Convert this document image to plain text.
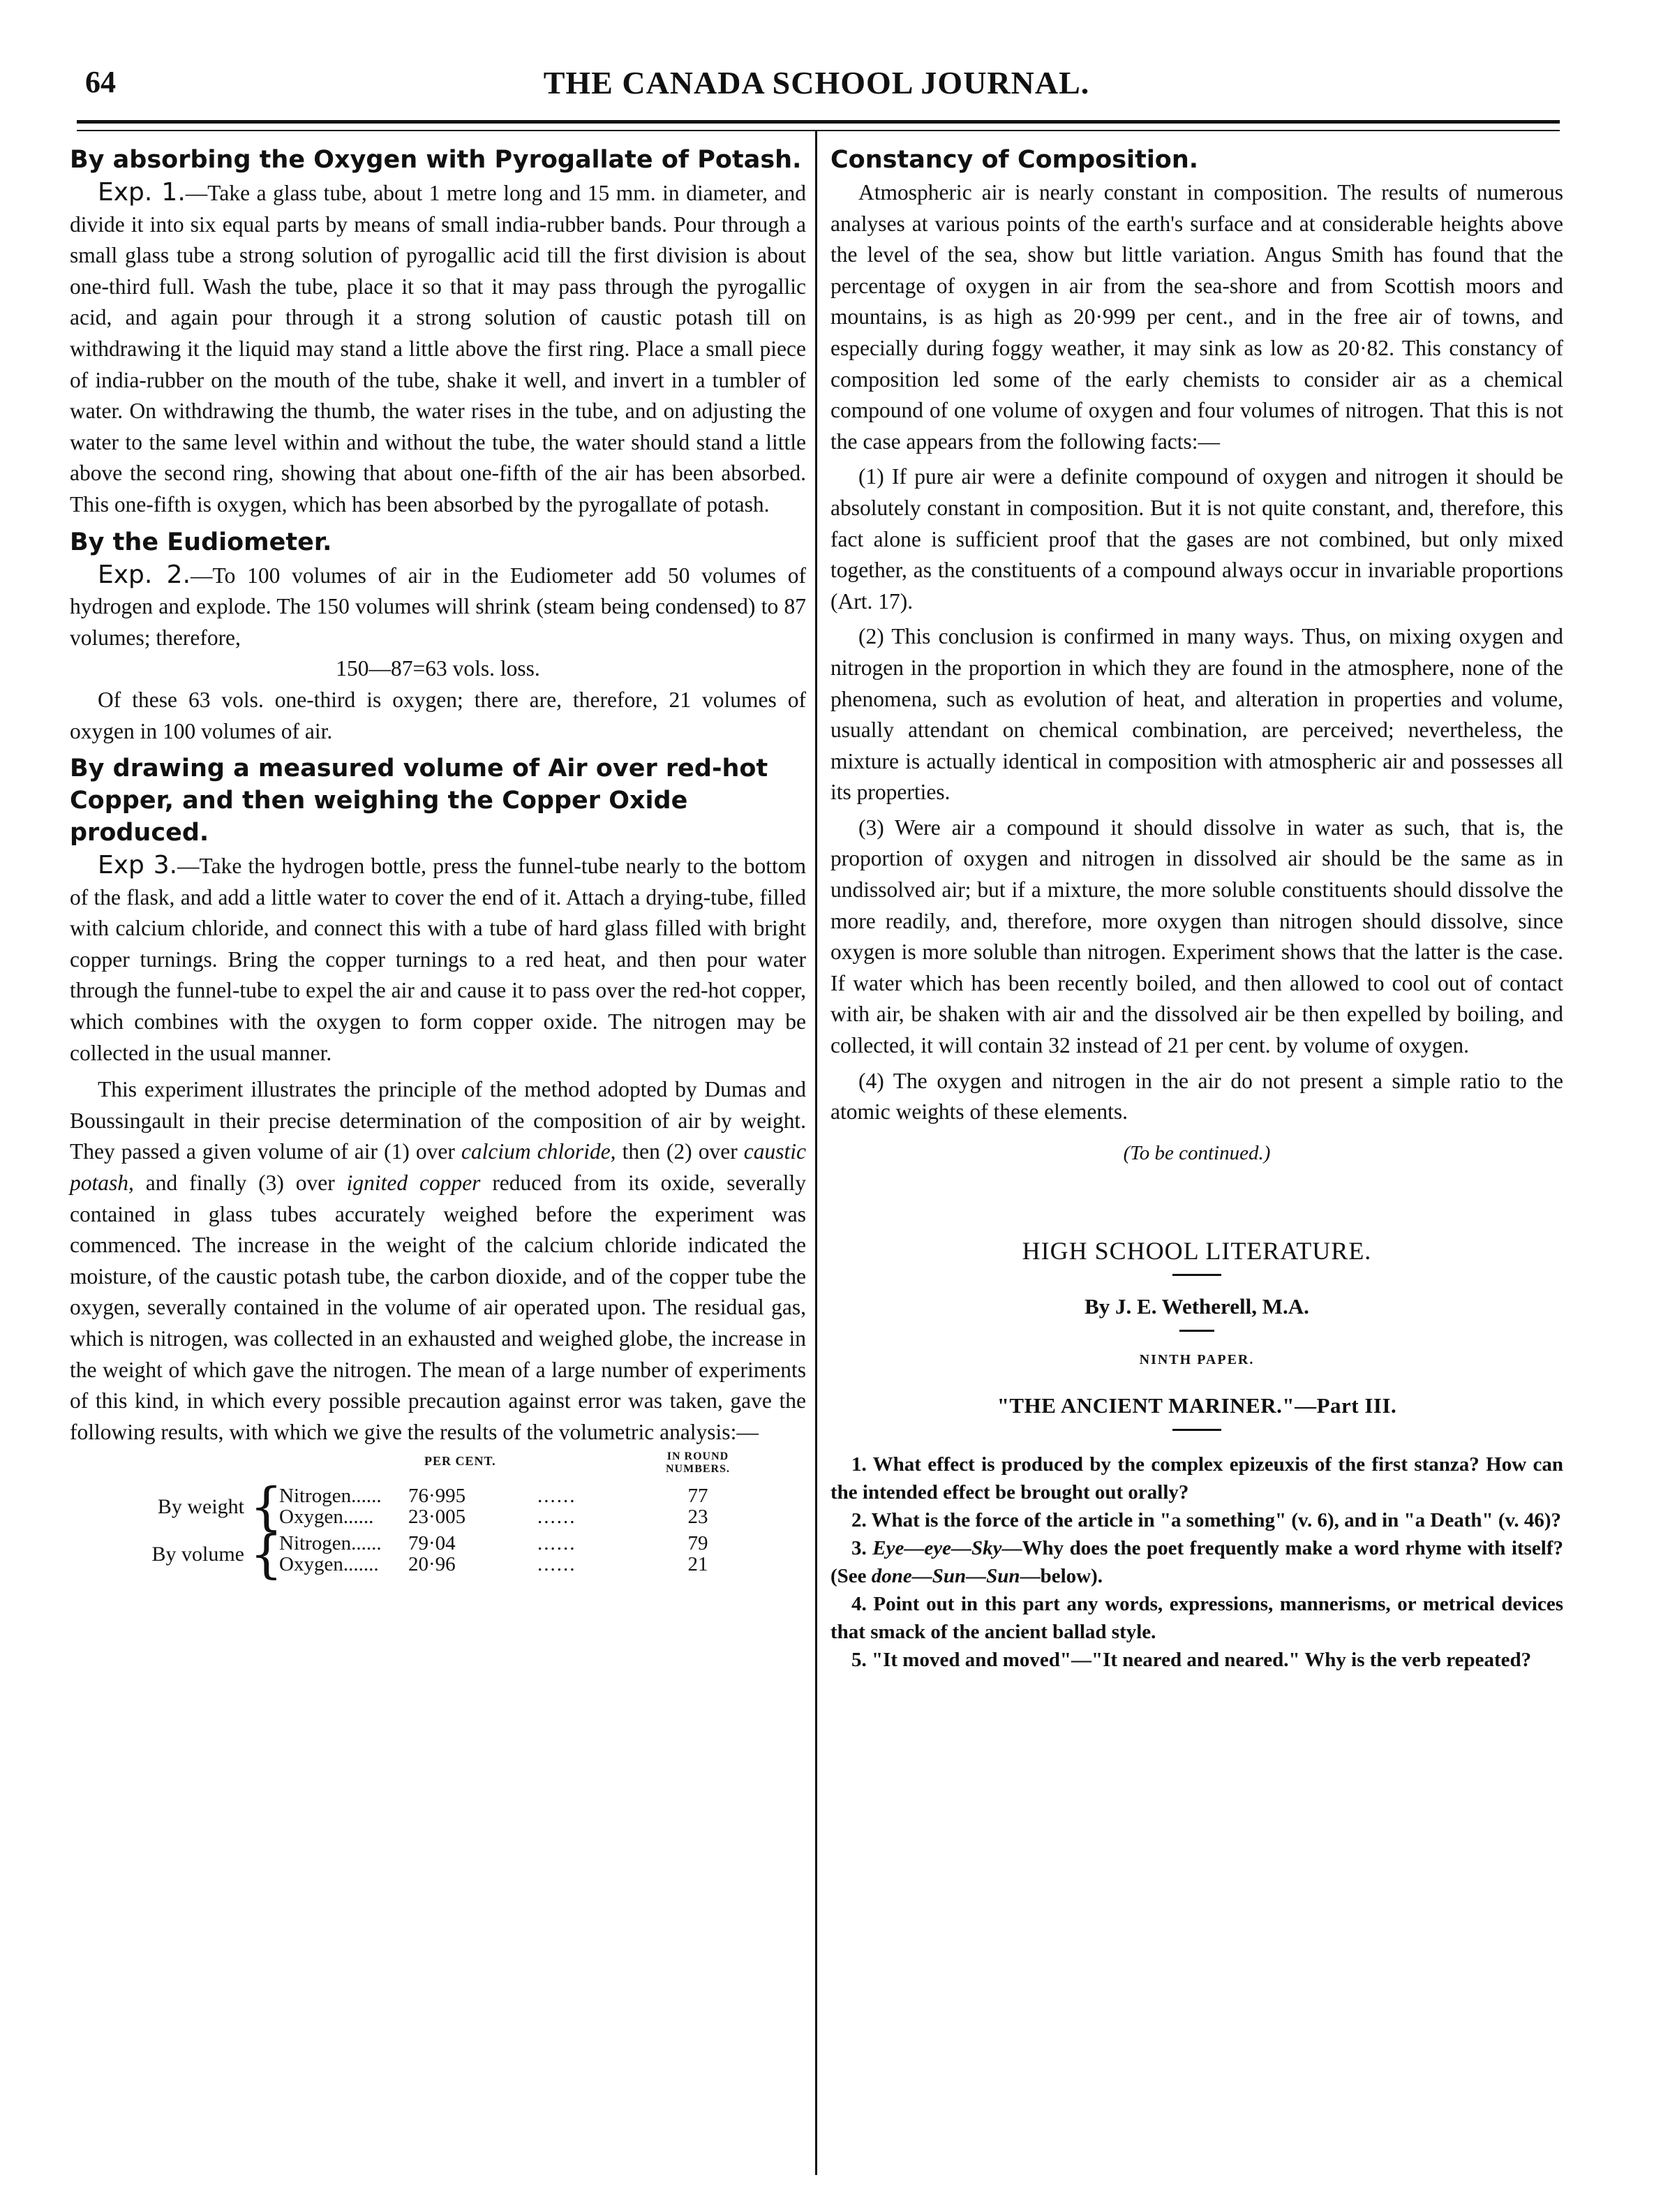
64	THE CANADA SCHOOL JOURNAL.
By absorbing the Oxygen with Pyrogallate of Potash.

Exp. 1.—Take a glass tube, about 1 metre long and 15 mm. in diameter, and divide it into six equal parts by means of small india-rubber bands. Pour through a small glass tube a strong solution of pyrogallic acid till the first division is about one-third full. Wash the tube, place it so that it may pass through the pyrogallic acid, and again pour through it a strong solution of caustic potash till on withdrawing it the liquid may stand a little above the first ring. Place a small piece of india-rubber on the mouth of the tube, shake it well, and invert in a tumbler of water. On withdrawing the thumb, the water rises in the tube, and on adjusting the water to the same level within and without the tube, the water should stand a little above the second ring, showing that about one-fifth of the air has been absorbed. This one-fifth is oxygen, which has been absorbed by the pyrogallate of potash.

By the Eudiometer.

Exp. 2.—To 100 volumes of air in the Eudiometer add 50 volumes of hydrogen and explode. The 150 volumes will shrink (steam being condensed) to 87 volumes; therefore,

150—87=63 vols. loss.

Of these 63 vols. one-third is oxygen; there are, therefore, 21 volumes of oxygen in 100 volumes of air.

By drawing a measured volume of Air over red-hot Copper, and then weighing the Copper Oxide produced.

Exp 3.—Take the hydrogen bottle, press the funnel-tube nearly to the bottom of the flask, and add a little water to cover the end of it. Attach a drying-tube, filled with calcium chloride, and connect this with a tube of hard glass filled with bright copper turnings. Bring the copper turnings to a red heat, and then pour water through the funnel-tube to expel the air and cause it to pass over the red-hot copper, which combines with the oxygen to form copper oxide. The nitrogen may be collected in the usual manner.

This experiment illustrates the principle of the method adopted by Dumas and Boussingault in their precise determination of the composition of air by weight. They passed a given volume of air (1) over calcium chloride, then (2) over caustic potash, and finally (3) over ignited copper reduced from its oxide, severally contained in glass tubes accurately weighed before the experiment was commenced. The increase in the weight of the calcium chloride indicated the moisture, of the caustic potash tube, the carbon dioxide, and of the copper tube the oxygen, severally contained in the volume of air operated upon. The residual gas, which is nitrogen, was collected in an exhausted and weighed globe, the increase in the weight of which gave the nitrogen. The mean of a large number of experiments of this kind, in which every possible precaution against error was taken, gave the following results, with which we give the results of the volumetric analysis:—

PER CENT.	IN ROUND NUMBERS.
By weight {
Nitrogen...... 76·995	......	77
Oxygen...... 23·005	......	23
By volume {
Nitrogen...... 79·04	......	79
Oxygen....... 20·96	......	21
Constancy of Composition.

Atmospheric air is nearly constant in composition. The results of numerous analyses at various points of the earth's surface and at considerable heights above the level of the sea, show but little variation. Angus Smith has found that the percentage of oxygen in air from the sea-shore and from Scottish moors and mountains, is as high as 20·999 per cent., and in the free air of towns, and especially during foggy weather, it may sink as low as 20·82. This constancy of composition led some of the early chemists to consider air as a chemical compound of one volume of oxygen and four volumes of nitrogen. That this is not the case appears from the following facts:—

(1) If pure air were a definite compound of oxygen and nitrogen it should be absolutely constant in composition. But it is not quite constant, and, therefore, this fact alone is sufficient proof that the gases are not combined, but only mixed together, as the constituents of a compound always occur in invariable proportions (Art. 17).

(2) This conclusion is confirmed in many ways. Thus, on mixing oxygen and nitrogen in the proportion in which they are found in the atmosphere, none of the phenomena, such as evolution of heat, and alteration in properties and volume, usually attendant on chemical combination, are perceived; nevertheless, the mixture is actually identical in composition with atmospheric air and possesses all its properties.

(3) Were air a compound it should dissolve in water as such, that is, the proportion of oxygen and nitrogen in dissolved air should be the same as in undissolved air; but if a mixture, the more soluble constituents should dissolve the more readily, and, therefore, more oxygen than nitrogen should dissolve, since oxygen is more soluble than nitrogen. Experiment shows that the latter is the case. If water which has been recently boiled, and then allowed to cool out of contact with air, be shaken with air and the dissolved air be then expelled by boiling, and collected, it will contain 32 instead of 21 per cent. by volume of oxygen.

(4) The oxygen and nitrogen in the air do not present a simple ratio to the atomic weights of these elements.

(To be continued.)
HIGH SCHOOL LITERATURE.
By J. E. Wetherell, M.A.
NINTH PAPER.
"THE ANCIENT MARINER."—Part III.

1. What effect is produced by the complex epizeuxis of the first stanza? How can the intended effect be brought out orally?

2. What is the force of the article in "a something" (v. 6), and in "a Death" (v. 46)?

3. Eye—eye—Sky—Why does the poet frequently make a word rhyme with itself? (See done—Sun—Sun—below).

4. Point out in this part any words, expressions, mannerisms, or metrical devices that smack of the ancient ballad style.

5. "It moved and moved"—"It neared and neared." Why is the verb repeated?
